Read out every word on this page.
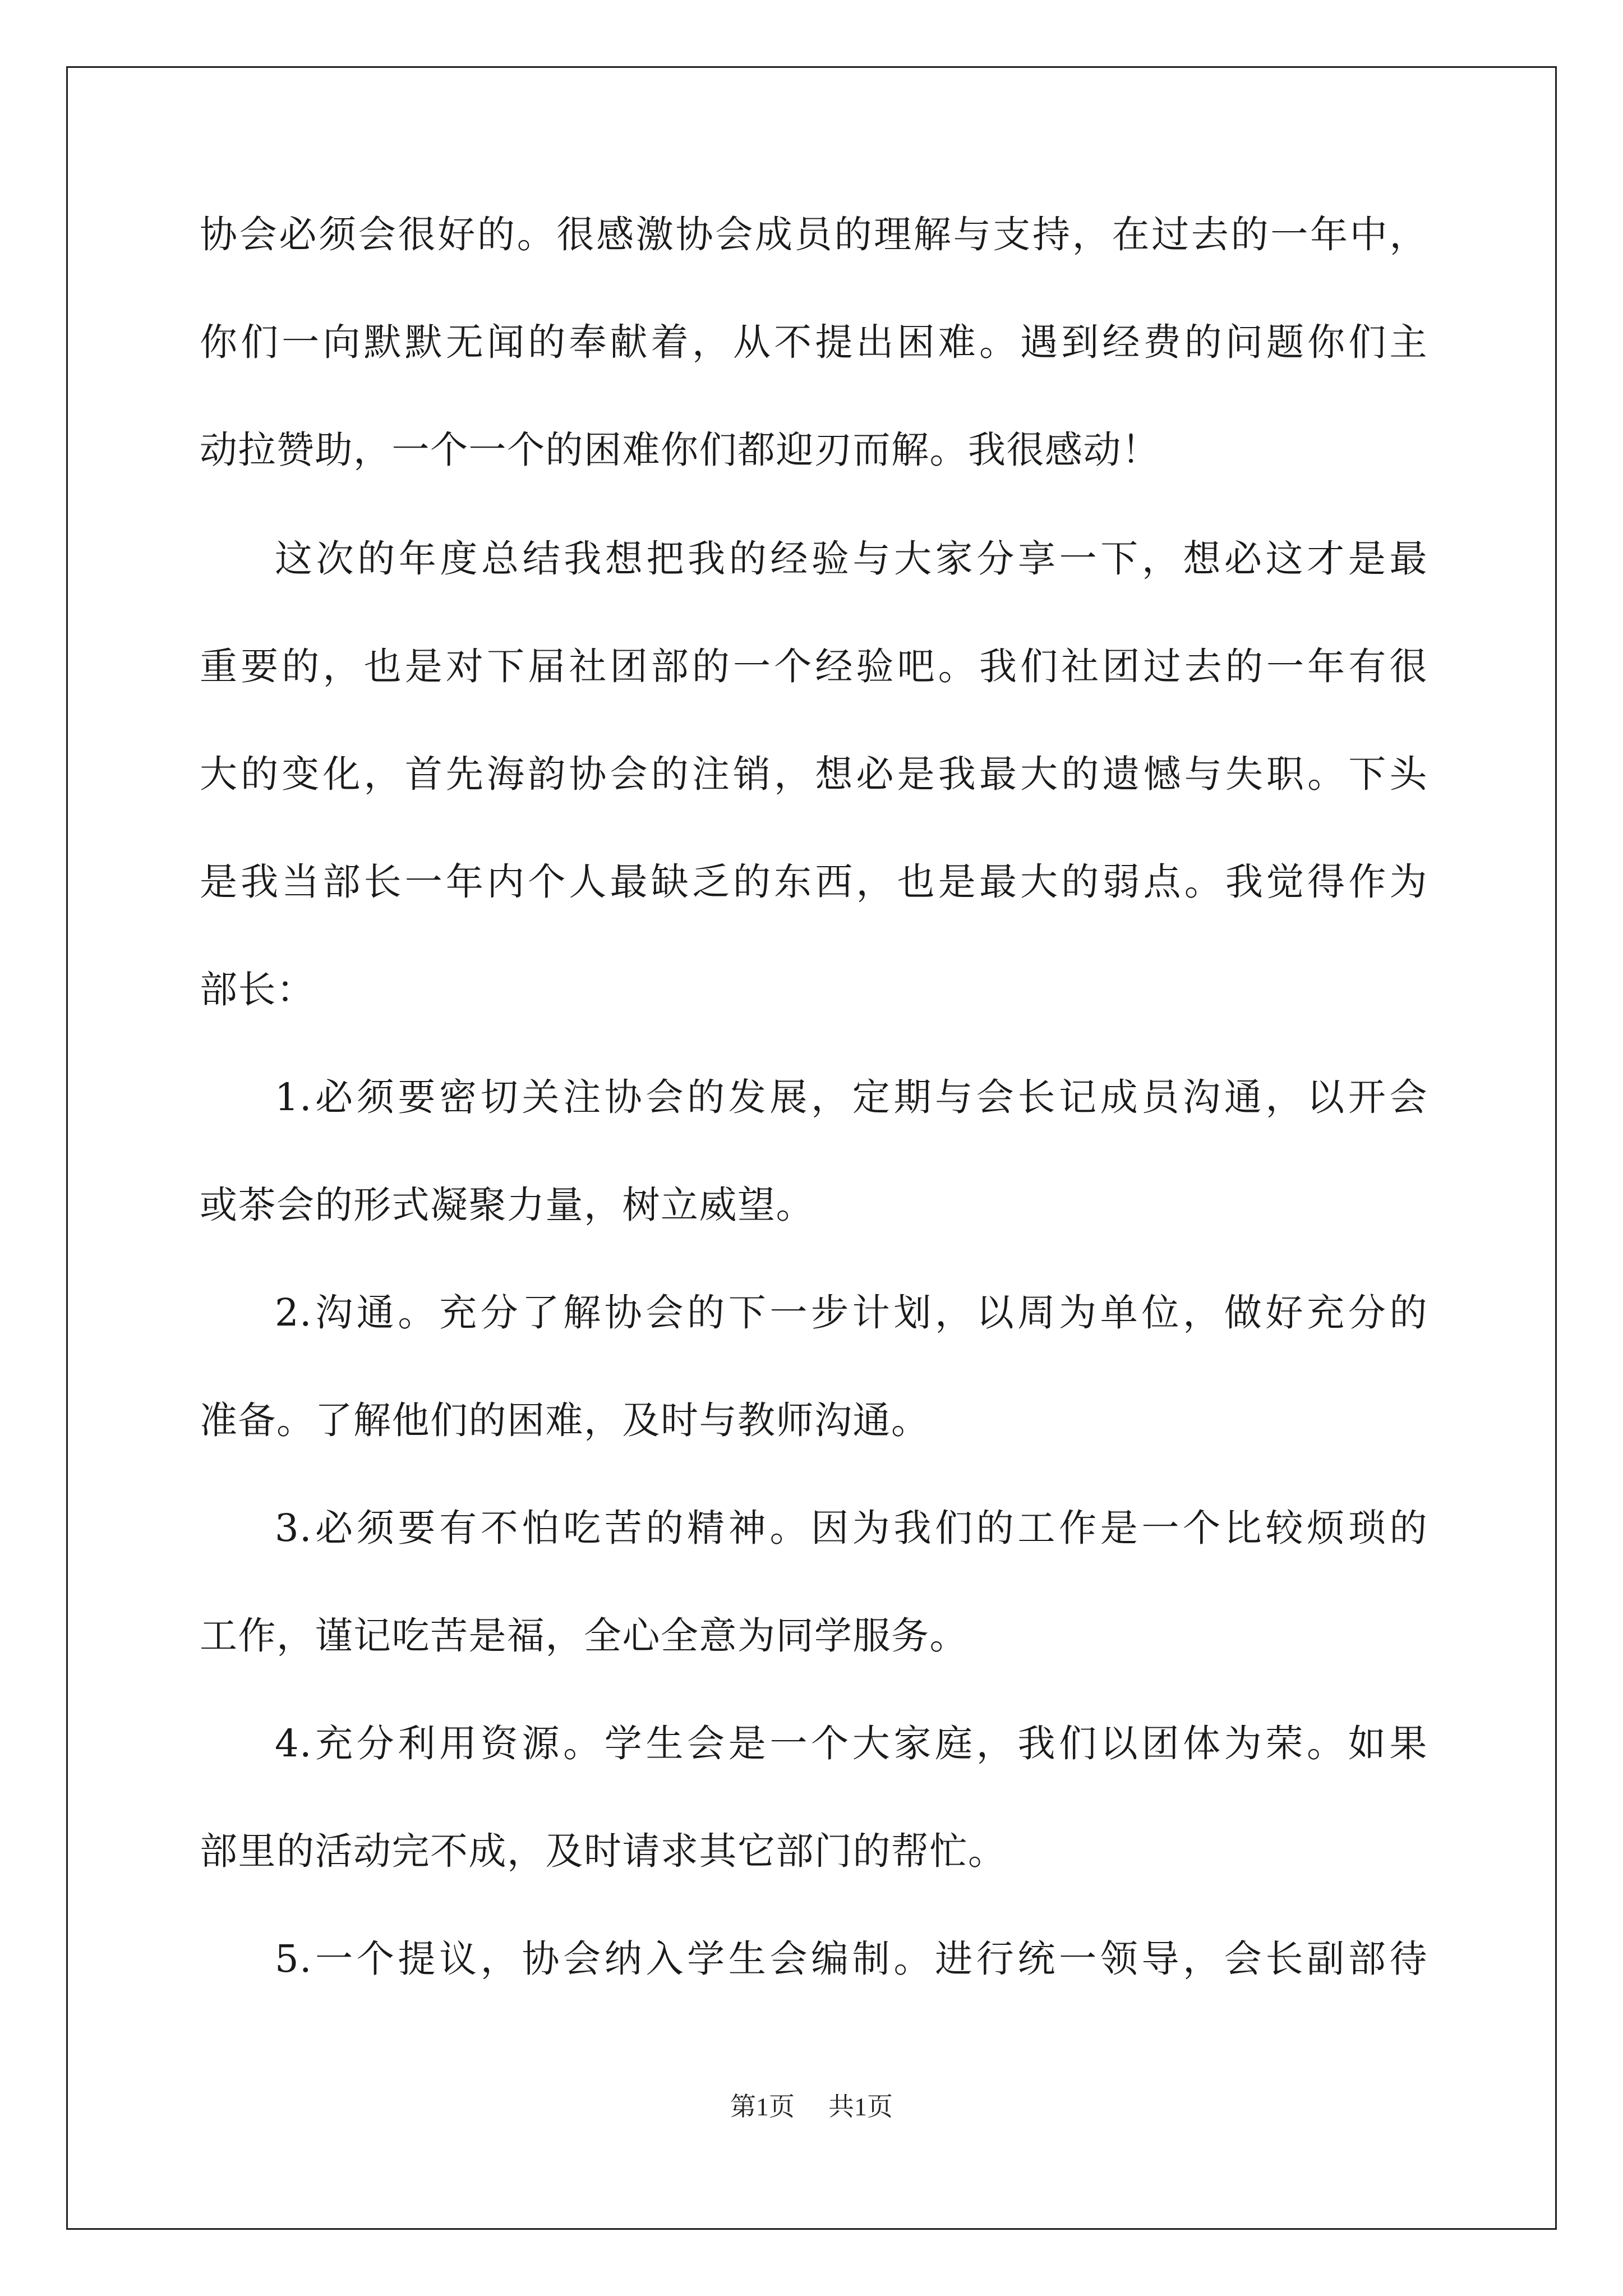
协会必须会很好的。很感激协会成员的理解与支持，在过去的一年中，
你们一向默默无闻的奉献着，从不提出困难。遇到经费的问题你们主
动拉赞助，一个一个的困难你们都迎刃而解。我很感动！
这次的年度总结我想把我的经验与大家分享一下，想必这才是最
重要的，也是对下届社团部的一个经验吧。我们社团过去的一年有很
大的变化，首先海韵协会的注销，想必是我最大的遗憾与失职。下头
是我当部长一年内个人最缺乏的东西，也是最大的弱点。我觉得作为
部长：
1.必须要密切关注协会的发展，定期与会长记成员沟通，以开会
或茶会的形式凝聚力量，树立威望。
2.沟通。充分了解协会的下一步计划，以周为单位，做好充分的
准备。了解他们的困难，及时与教师沟通。
3.必须要有不怕吃苦的精神。因为我们的工作是一个比较烦琐的
工作，谨记吃苦是福，全心全意为同学服务。
4.充分利用资源。学生会是一个大家庭，我们以团体为荣。如果
部里的活动完不成，及时请求其它部门的帮忙。
5.一个提议，协会纳入学生会编制。进行统一领导，会长副部待
第1页 共1页
